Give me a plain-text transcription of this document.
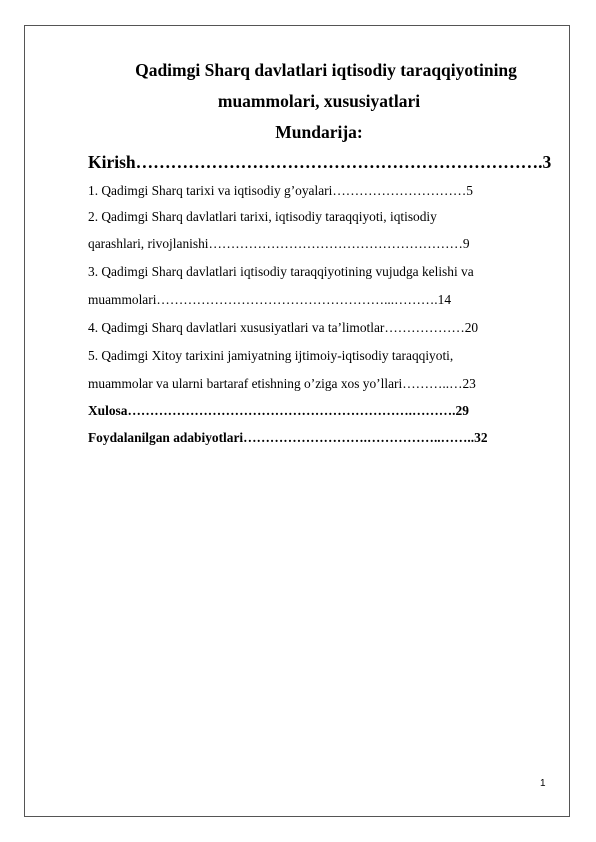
Qadimgi Sharq davlatlari iqtisodiy taraqqiyotining
muammolari, xususiyatlari
Mundarija:
Kirish…………………………………………………………….3
1. Qadimgi Sharq tarixi va iqtisodiy g’oyalari…………………………5
2. Qadimgi Sharq davlatlari tarixi, iqtisodiy taraqqiyoti, iqtisodiy
qarashlari, rivojlanishi…………………………………………………9
3. Qadimgi Sharq davlatlari iqtisodiy taraqqiyotining vujudga kelishi va
muammolari……………………………………………...……….14
4. Qadimgi Sharq davlatlari xususiyatlari va ta’limotlar………………20
5. Qadimgi Xitoy tarixini jamiyatning ijtimoiy-iqtisodiy taraqqiyoti,
muammolar va ularni bartaraf etishning o’ziga xos yo’llari………..…23
Xulosa……………………………………………………….……….29
Foydalanilgan adabiyotlari……………………….……………..……..32
1
